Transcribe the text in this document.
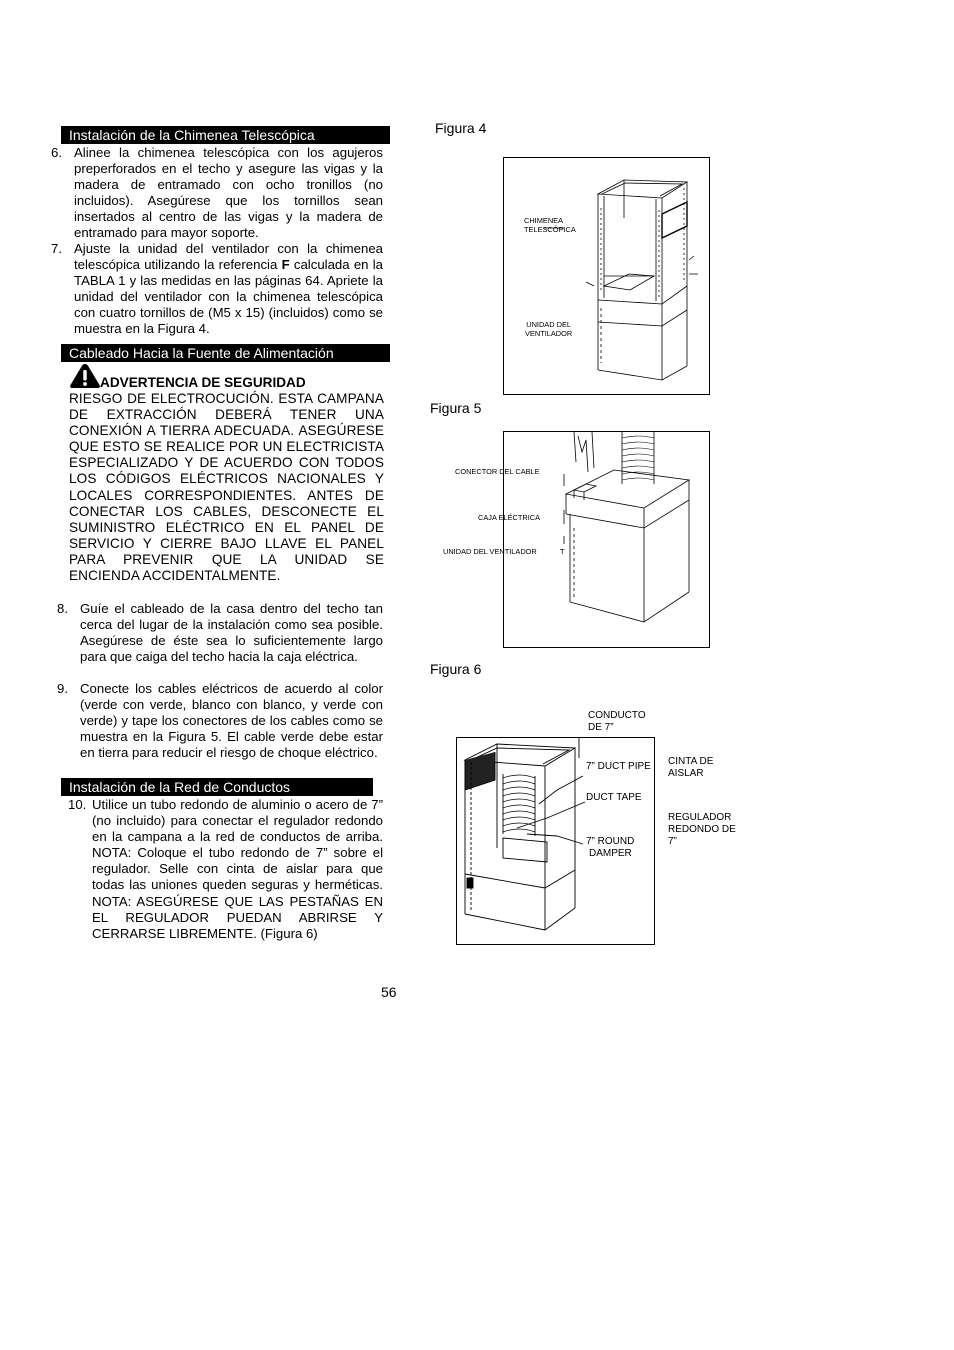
Instalación de la Chimenea Telescópica
6. Alinee la chimenea telescópica con los agujeros preperforados en el techo y asegure las vigas y la madera de entramado con ocho tronillos (no incluidos). Asegúrese que los tornillos sean insertados al centro de las vigas y la madera de entramado para mayor soporte.
7. Ajuste la unidad del ventilador con la chimenea telescópica utilizando la referencia F calculada en la TABLA 1 y las medidas en las páginas 64. Apriete la unidad del ventilador con la chimenea telescópica con cuatro tornillos de (M5 x 15) (incluidos) como se muestra en la Figura 4.
Cableado Hacia la Fuente de Alimentación
ADVERTENCIA DE SEGURIDAD
RIESGO DE ELECTROCUCIÓN. ESTA CAMPANA DE EXTRACCIÓN DEBERÁ TENER UNA CONEXIÓN A TIERRA ADECUADA. ASEGÚRESE QUE ESTO SE REALICE POR UN ELECTRICISTA ESPECIALIZADO Y DE ACUERDO CON TODOS LOS CÓDIGOS ELÉCTRICOS NACIONALES Y LOCALES CORRESPONDIENTES. ANTES DE CONECTAR LOS CABLES, DESCONECTE EL SUMINISTRO ELÉCTRICO EN EL PANEL DE SERVICIO Y CIERRE BAJO LLAVE EL PANEL PARA PREVENIR QUE LA UNIDAD SE ENCIENDA ACCIDENTALMENTE.
8. Guíe el cableado de la casa dentro del techo tan cerca del lugar de la instalación como sea posible. Asegúrese de éste sea lo suficientemente largo para que caiga del techo hacia la caja eléctrica.
9. Conecte los cables eléctricos de acuerdo al color (verde con verde, blanco con blanco, y verde con verde) y tape los conectores de los cables como se muestra en la Figura 5. El cable verde debe estar en tierra para reducir el riesgo de choque eléctrico.
Instalación de la Red de Conductos
10. Utilice un tubo redondo de aluminio o acero de 7” (no incluido) para conectar el regulador redondo en la campana a la red de conductos de arriba. NOTA: Coloque el tubo redondo de 7” sobre el regulador. Selle con cinta de aislar para que todas las uniones queden seguras y herméticas. NOTA: ASEGÚRESE QUE LAS PESTAÑAS EN EL REGULADOR PUEDAN ABRIRSE Y CERRARSE LIBREMENTE. (Figura 6)
56
Figura 4
CHIMENEA
TELESCÓPICA
UNIDAD DEL
VENTILADOR
Figura 5
CONECTOR DEL CABLE
CAJA ELÉCTRICA
UNIDAD DEL VENTILADOR	T
Figura 6
CONDUCTO
DE 7”
7” DUCT PIPE
DUCT TAPE
7” ROUND
DAMPER
CINTA DE
AISLAR
REGULADOR
REDONDO DE
7”
